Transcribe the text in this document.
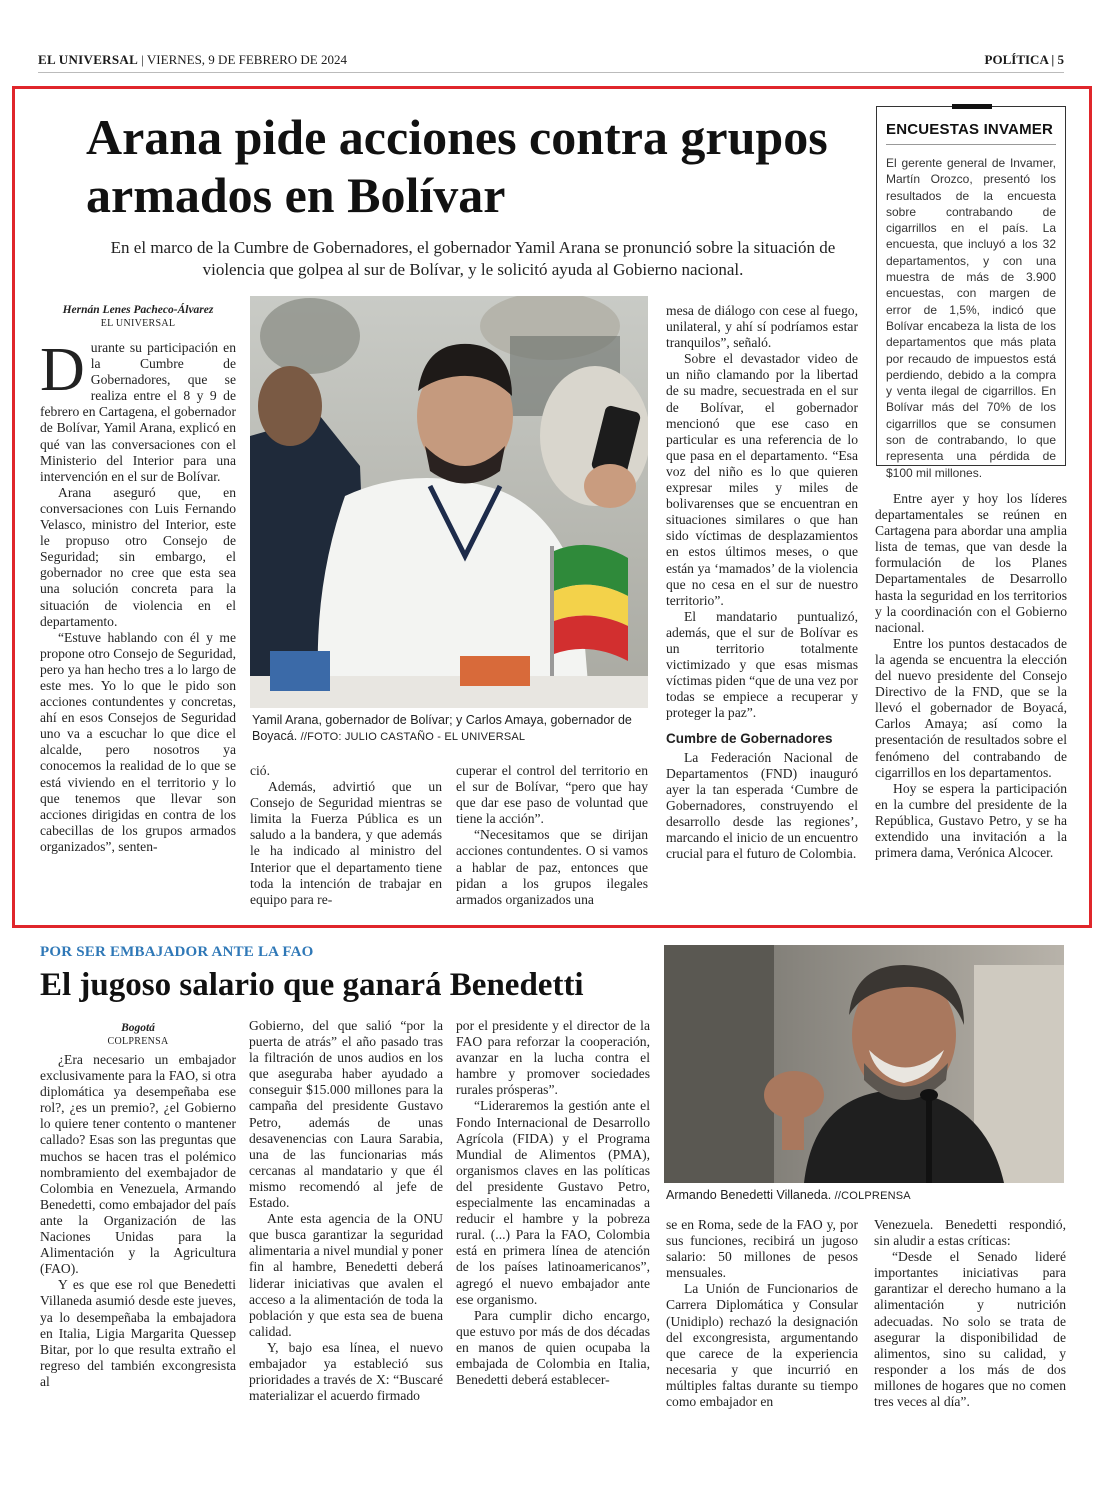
EL UNIVERSAL | VIERNES, 9 DE FEBRERO DE 2024	POLÍTICA | 5
Arana pide acciones contra grupos armados en Bolívar

En el marco de la Cumbre de Gobernadores, el gobernador Yamil Arana se pronunció sobre la situación de violencia que golpea al sur de Bolívar, y le solicitó ayuda al Gobierno nacional.

ENCUESTAS INVAMER

El gerente general de Invamer, Martín Orozco, presentó los resultados de la encuesta sobre contrabando de cigarrillos en el país. La encuesta, que incluyó a los 32 departamentos, y con una muestra de más de 3.900 encuestas, con margen de error de 1,5%, indicó que Bolívar encabeza la lista de los departamentos que más plata por recaudo de impuestos está perdiendo, debido a la compra y venta ilegal de cigarrillos. En Bolívar más del 70% de los cigarrillos que se consumen son de contrabando, lo que representa una pérdida de $100 mil millones.

Hernán Lenes Pacheco-Álvarez
EL UNIVERSAL

Durante su participación en la Cumbre de Gobernadores, que se realiza entre el 8 y 9 de febrero en Cartagena, el gobernador de Bolívar, Yamil Arana, explicó en qué van las conversaciones con el Ministerio del Interior para una intervención en el sur de Bolívar.

Arana aseguró que, en conversaciones con Luis Fernando Velasco, ministro del Interior, este le propuso otro Consejo de Seguridad; sin embargo, el gobernador no cree que esta sea una solución concreta para la situación de violencia en el departamento.

“Estuve hablando con él y me propone otro Consejo de Seguridad, pero ya han hecho tres a lo largo de este mes. Yo lo que le pido son acciones contundentes y concretas, ahí en esos Consejos de Seguridad uno va a escuchar lo que dice el alcalde, pero nosotros ya conocemos la realidad de lo que se está viviendo en el territorio y lo que tenemos que llevar son acciones dirigidas en contra de los cabecillas de los grupos armados organizados”, senten-

Yamil Arana, gobernador de Bolívar; y Carlos Amaya, gobernador de Boyacá. //FOTO: JULIO CASTAÑO - EL UNIVERSAL

ció.

Además, advirtió que un Consejo de Seguridad mientras se limita la Fuerza Pública es un saludo a la bandera, y que además le ha indicado al ministro del Interior que el departamento tiene toda la intención de trabajar en equipo para re-

cuperar el control del territorio en el sur de Bolívar, “pero que hay que dar ese paso de voluntad que tiene la acción”.

“Necesitamos que se dirijan acciones contundentes. O si vamos a hablar de paz, entonces que pidan a los grupos ilegales armados organizados una

mesa de diálogo con cese al fuego, unilateral, y ahí sí podríamos estar tranquilos”, señaló.

Sobre el devastador video de un niño clamando por la libertad de su madre, secuestrada en el sur de Bolívar, el gobernador mencionó que ese caso en particular es una referencia de lo que pasa en el departamento. “Esa voz del niño es lo que quieren expresar miles y miles de bolivarenses que se encuentran en situaciones similares o que han sido víctimas de desplazamientos en estos últimos meses, o que están ya ‘mamados’ de la violencia que no cesa en el sur de nuestro territorio”.

El mandatario puntualizó, además, que el sur de Bolívar es un territorio totalmente victimizado y que esas mismas víctimas piden “que de una vez por todas se empiece a recuperar y proteger la paz”.

Cumbre de Gobernadores

La Federación Nacional de Departamentos (FND) inauguró ayer la tan esperada ‘Cumbre de Gobernadores, construyendo el desarrollo desde las regiones’, marcando el inicio de un encuentro crucial para el futuro de Colombia.

Entre ayer y hoy los líderes departamentales se reúnen en Cartagena para abordar una amplia lista de temas, que van desde la formulación de los Planes Departamentales de Desarrollo hasta la seguridad en los territorios y la coordinación con el Gobierno nacional.

Entre los puntos destacados de la agenda se encuentra la elección del nuevo presidente del Consejo Directivo de la FND, que se la llevó el gobernador de Boyacá, Carlos Amaya; así como la presentación de resultados sobre el fenómeno del contrabando de cigarrillos en los departamentos.

Hoy se espera la participación en la cumbre del presidente de la República, Gustavo Petro, y se ha extendido una invitación a la primera dama, Verónica Alcocer.

POR SER EMBAJADOR ANTE LA FAO
El jugoso salario que ganará Benedetti
Bogotá
COLPRENSA

¿Era necesario un embajador exclusivamente para la FAO, si otra diplomática ya desempeñaba ese rol?, ¿es un premio?, ¿el Gobierno lo quiere tener contento o mantener callado? Esas son las preguntas que muchos se hacen tras el polémico nombramiento del exembajador de Colombia en Venezuela, Armando Benedetti, como embajador del país ante la Organización de las Naciones Unidas para la Alimentación y la Agricultura (FAO).

Y es que ese rol que Benedetti Villaneda asumió desde este jueves, ya lo desempeñaba la embajadora en Italia, Ligia Margarita Quessep Bitar, por lo que resulta extraño el regreso del también excongresista al

Gobierno, del que salió “por la puerta de atrás” el año pasado tras la filtración de unos audios en los que aseguraba haber ayudado a conseguir $15.000 millones para la campaña del presidente Gustavo Petro, además de unas desavenencias con Laura Sarabia, una de las funcionarias más cercanas al mandatario y que él mismo recomendó al jefe de Estado.

Ante esta agencia de la ONU que busca garantizar la seguridad alimentaria a nivel mundial y poner fin al hambre, Benedetti deberá liderar iniciativas que avalen el acceso a la alimentación de toda la población y que esta sea de buena calidad.

Y, bajo esa línea, el nuevo embajador ya estableció sus prioridades a través de X: “Buscaré materializar el acuerdo firmado

por el presidente y el director de la FAO para reforzar la cooperación, avanzar en la lucha contra el hambre y promover sociedades rurales prósperas”.

“Lideraremos la gestión ante el Fondo Internacional de Desarrollo Agrícola (FIDA) y el Programa Mundial de Alimentos (PMA), organismos claves en las políticas del presidente Gustavo Petro, especialmente las encaminadas a reducir el hambre y la pobreza rural. (...) Para la FAO, Colombia está en primera línea de atención de los países latinoamericanos”, agregó el nuevo embajador ante ese organismo.

Para cumplir dicho encargo, que estuvo por más de dos décadas en manos de quien ocupaba la embajada de Colombia en Italia, Benedetti deberá establecer-

Armando Benedetti Villaneda. //COLPRENSA

se en Roma, sede de la FAO y, por sus funciones, recibirá un jugoso salario: 50 millones de pesos mensuales.

La Unión de Funcionarios de Carrera Diplomática y Consular (Unidiplo) rechazó la designación del excongresista, argumentando que carece de la experiencia necesaria y que incurrió en múltiples faltas durante su tiempo como embajador en

Venezuela. Benedetti respondió, sin aludir a estas críticas:

“Desde el Senado lideré importantes iniciativas para garantizar el derecho humano a la alimentación y nutrición adecuadas. No solo se trata de asegurar la disponibilidad de alimentos, sino su calidad, y responder a los más de dos millones de hogares que no comen tres veces al día”.
